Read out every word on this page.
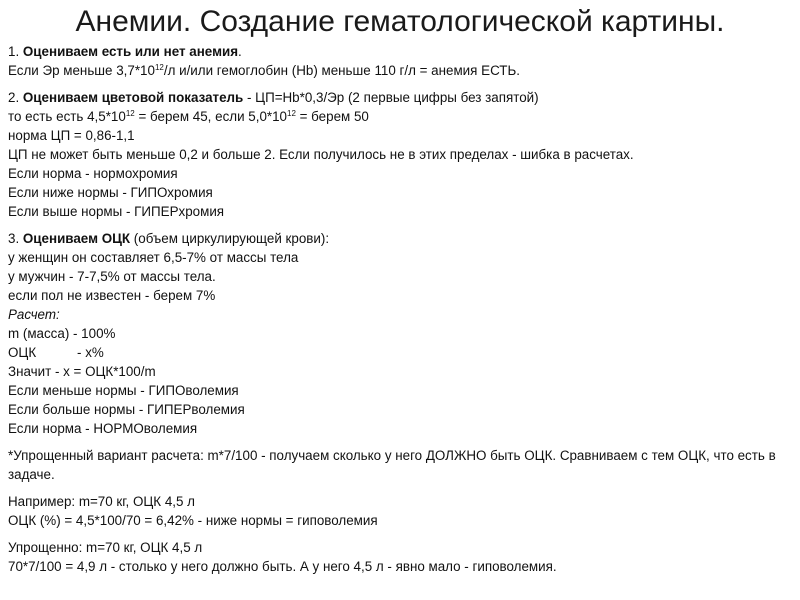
Анемии. Создание гематологической картины.
1. Оцениваем есть или нет анемия.
Если Эр меньше $3,7*10^{12}/л$ и/или гемоглобин (Hb) меньше 110 г/л = анемия ЕСТЬ.
2. Оцениваем цветовой показатель - ЦП=Hb*0,3/Эр (2 первые цифры без запятой)
то есть есть $4,5*10^{12}$ = берем 45, если $5,0*10^{12}$ = берем 50
норма ЦП = 0,86-1,1
ЦП не может быть меньше 0,2 и больше 2. Если получилось не в этих пределах - шибка в расчетах.
Если норма - нормохромия
Если ниже нормы - ГИПОхромия
Если выше нормы - ГИПЕРхромия
3. Оцениваем ОЦК (объем циркулирующей крови):
у женщин он составляет 6,5-7% от массы тела
у мужчин - 7-7,5% от массы тела.
если пол не известен - берем 7%
Расчет:
m (масса) - 100%
ОЦК           - x%
Значит - x = ОЦК*100/m
Если меньше нормы - ГИПОволемия
Если больше нормы - ГИПЕРволемия
Если норма - НОРМОволемия
*Упрощенный вариант расчета: m*7/100 - получаем сколько у него ДОЛЖНО быть ОЦК. Сравниваем с тем ОЦК, что есть в задаче.
Например: m=70 кг, ОЦК 4,5 л
ОЦК (%) = 4,5*100/70 = 6,42% - ниже нормы = гиповолемия
Упрощенно: m=70 кг, ОЦК 4,5 л
70*7/100 = 4,9 л - столько у него должно быть. А у него 4,5 л - явно мало - гиповолемия.
